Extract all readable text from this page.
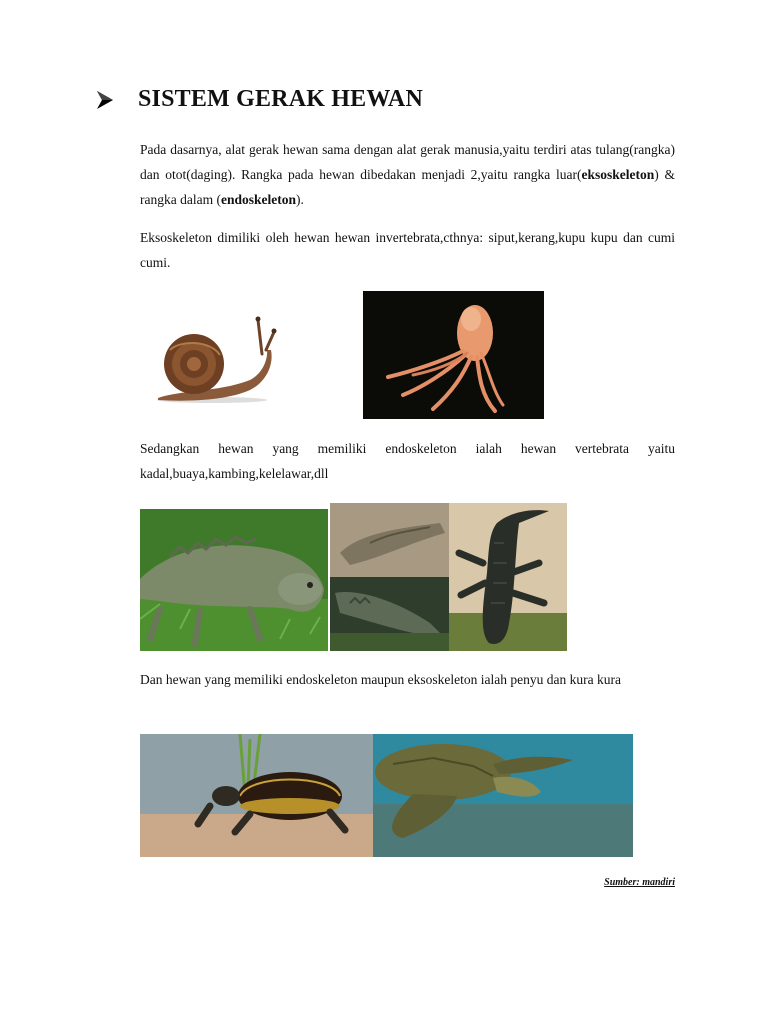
SISTEM GERAK HEWAN

Pada dasarnya, alat gerak hewan sama dengan alat gerak manusia,yaitu terdiri atas tulang(rangka) dan otot(daging). Rangka pada hewan dibedakan menjadi 2,yaitu rangka luar(eksoskeleton) & rangka dalam (endoskeleton).

Eksoskeleton dimiliki oleh hewan hewan invertebrata,cthnya: siput,kerang,kupu kupu dan cumi cumi.

Sedangkan hewan yang memiliki endoskeleton ialah hewan vertebrata yaitu kadal,buaya,kambing,kelelawar,dll

Dan hewan yang memiliki endoskeleton maupun eksoskeleton ialah penyu dan kura kura

Sumber: mandiri
